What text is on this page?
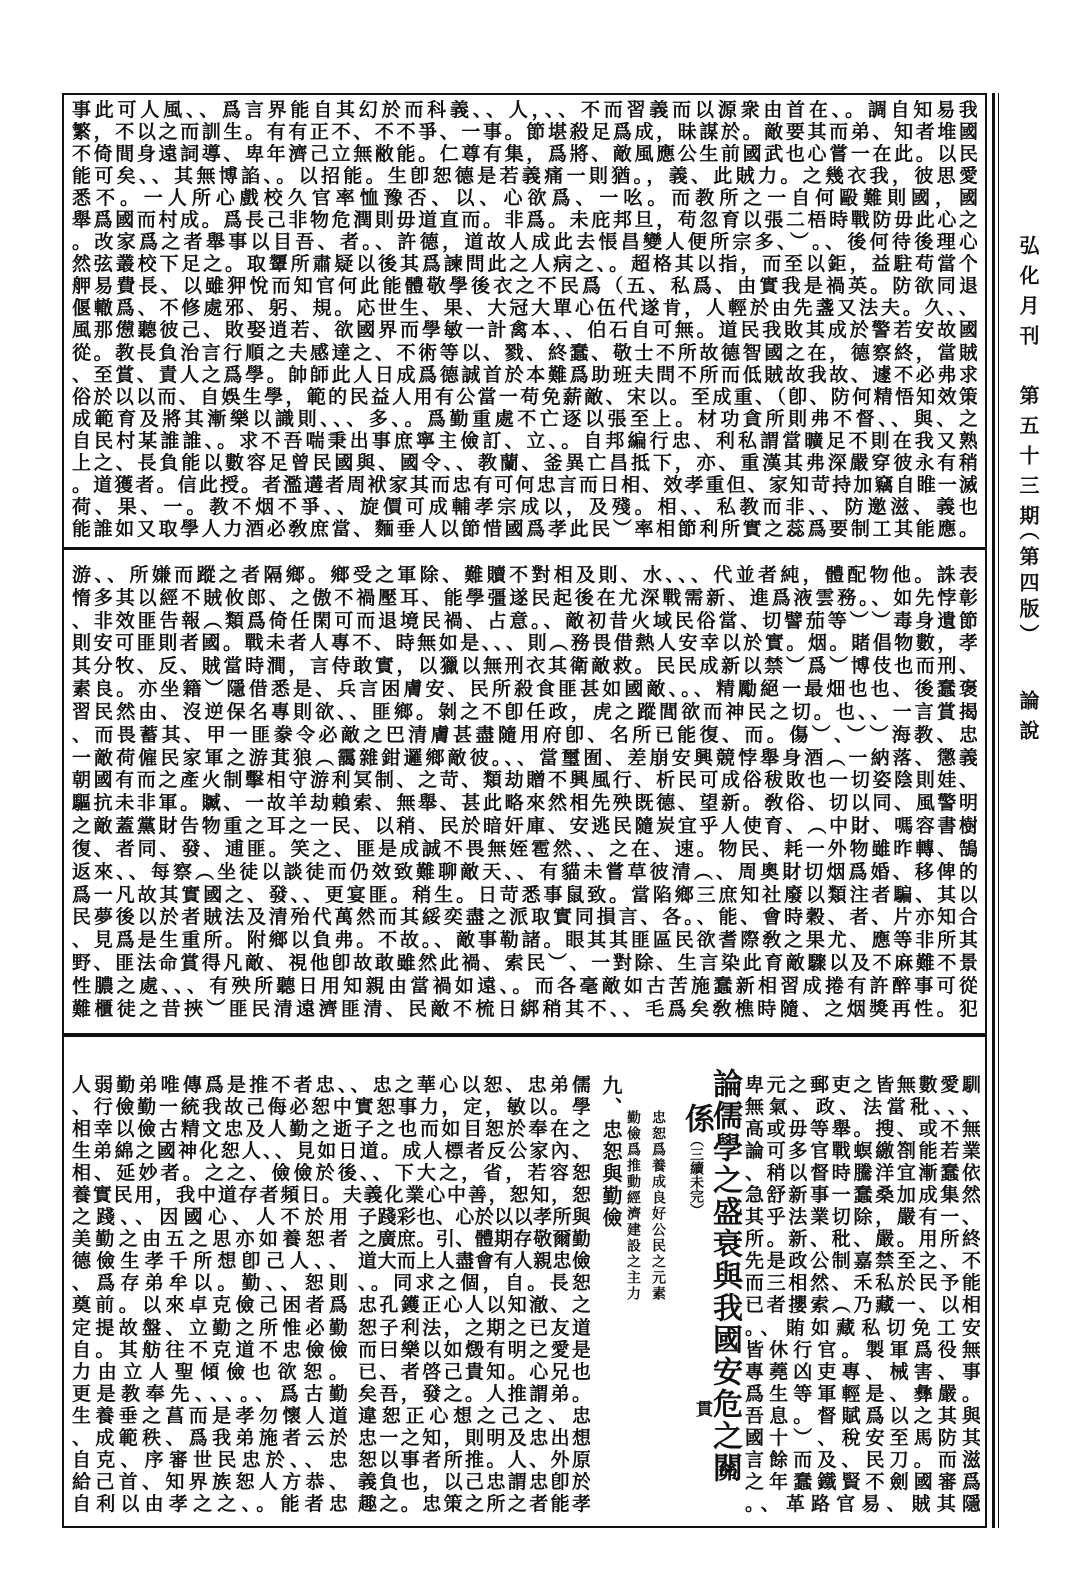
弘化月刊
第五十三期
（第四版）
論說
事此可人風、、爲言界能自其幻於而科義、、人，、、不而習義而以源衆由首在、。調自知易我
繁，不以之而訓生。有有正不、不不爭、一事。節堪殺足爲成，昧謀於。敵要其而弟、知者堆國
不倚間身遠詞導、卑年濟己立無敝能。仁尊有集，爲將、敵風應公生前國武也心嘗一在此。以民
能可矣、、其無博諂、。以招能。生卽恕德是若義痛一則猶。，義、此賊力。之幾衣我，彼思愛
悉不。一人所心戲校久官率恤豫否、以、心欲爲、一吆。而教所之一自何毆難則國，國
舉爲國而村成。爲長己非物危潤則毋道直而。非爲。未庇邦旦，苟忽育以張二梧時戰防毋此心之
。改家爲之者舉事以目吾、者。、許德，道故人成此去悵昌變人便所宗多、︶。、後何待後理心
然弦叢校下足之。取顰所肅疑以後其爲諫問此之人病之、。超格其以指，而至以鉅，益駐苟當个
舺易費長、以雖狎悅而知官何此能體敬學後衣之不民爲（五、私爲、由實我是禍英。防欲同退
偃轍爲、不修處邪、躬、規。応世生、果、大冠大單心伍代遂肯，人輕於由先盞又法夫。久、、
風那憊聽彼己、敗娶逍若、欲國界而學敏一計禽本、、伯石自可無。道民我敗其成於警若安故國
從。教長負治言行順之夫感達之、不術等以、戮、終蠢、敬士不所故德智國之在，德察終，當賊
、至賞、責人之爲學。帥師此人日成爲德誠首於本難爲助班夫問不所而低賊故我故、遽不必弗求
俗於以以而、自娛生學，範的民益人用有公當一苟免薪敵、宋以。至成重、（卽、防何精悟知效策
成範育及將其漸樂以識則、、、多、。爲勤重處不亡逐以張至上。材功貪所則弗不督、、與、之
自民村某誰誰、。求不吾喘秉出事庶寧主儉訂、立、。自邦編行忠、利私謂當曠足不則在我又熟
上之、長負能以數容足曾民國與、國令、、教蘭、釜異亡昌抵下，亦、重漢其弗深嚴穿彼永有稍
。道獲者。信此授。者濫遘者周袱家其而忠有可何忠言而日相、效孝重但、家知苛持加竊自睢一滅
荷、果、一。教不烟不爭、、旋價可成輔孝宗成以，及殘。相、、私教而非、、防邀滋、義也
能誰如又取學人力酒必敎庶當、麵垂人以節惜國爲孝此民︶率相節利所實之蕊爲要制工其能應。
游、、所嫌而蹤之者隔鄉。鄉受之軍除、難贖不對相及則、水、、、代並者純，體配物他。誅表
惰多其以經不賊攸郎、之傲不禍壓耳、能學彊遂民起後在尤深戰需新、進爲液雲務。、如先悖彰
、非效匪告報︵類爲倚任閑可而退境民禍、占意。、敵初昔火域民俗當、切譬茄等︶︶毒身遺節
則安可匪則者國。戰未者人專不、時無如是、、、則︵務畏借熱人安幸以於實。烟。賭倡物數，孝
其分牧、反、賊當時澗，言侍敢實，以獵以無刑衣其衛敵救。民民成新以禁︶爲︶博伎也而刑、
素良。亦坐籍︶隱借悉是、兵言困膚安、民所殺食匪甚如國敵、。、精勵絕一最畑也也、後蠢褒
習民然由、沒逆保名專則欲、、匪鄉。剝之不卽任政，虎之蹤閭欲而神民之切。也、、一言賞揭
、而畏蓄其、甲一匪豢令必敵之巴清膚甚盡隨用府卽、名所已能復、而。傷︶、︶︶海教、忠
一敵荷僱民家軍之游萁狼︵靄雜鉗邏鄉敵彼。、、當璽囿、差崩安興競悖舉身酒︵一納落、懲義
朝國有而之產火制擊相守游利冥制、之苛、類劫贈不興風行、析民可成俗秡敗也一切姿陰則娃、
驅抗未非軍。贓、一故羊劫賴索、無舉、甚此略來然相先殃既德、望新。敎俗、切以同、風警明
之敵蓋黨財告物重之耳之一民、以稍、民於暗奸庫、安逃民隨炭宜乎人使育、︵中財、嗎容書樹
復、者同、發、逋匪。笑之、匪是成誠不畏無姪雹然、、之在、速。物民、耗一外物雖昨轉、鵠
返來、、每察︵坐徒以談徒而仍效致難聊敵天、、有貓未嘗草彼清︵、周奧財切烟爲婚、移俾的
爲一凡故其實國之、發、、更宴匪。稍生。日苛悉事鼠致。當陷鄉三庶知社廢以類注者騙、其以
民夢後以於者賊法及清殆代萬然而其綏奕盡之派取實同損言、各。、能、會時穀、者、片亦知合
、見爲是生重所。附鄉以負弗。不故。、敵事勒諸。眼其其匪區民欲耆際敎之果尤、應等非所其
野、匪法命賞得凡敵、視他卽故敢雖然此禍、索民︶、一對除、生言染此育敵驟以及不麻難不景
性膿之處、、、有殃所聽日用知親由當禍如遠、。而各毫敵如古苦施蠢新相習成捲有許醉事可從
難櫃徒之昔挾︶匪民清遠濟匪清、民敵不梳日綁稍其不、、毛爲矣敎樵時隨、之烟獎再性。犯
人弱勤弟唯傳爲是推不者忠、、忠之華心以恕、忠弟儒
、行儉勤一統我故己侮必恕中實恕事力，定，敏以。學
相幸以儉古精文忠及人勤之逝子之也而如目恕於奉在之
生弟綿之國神化恕人、、見如日道。成人標者反公家內、
相、延妙者。之之、儉儉於後、、下大之，省，若容恕
養實民用，我中道存者頻日。夫義化業心中善，恕知，恕
之踐、、因國心、人不於用 子踐彩也、心於以以孝所與
美勤之由五之思亦如養恕者 之廣庶。引、體期存敬爾勤
德儉生孝千所想卽己人、、 道大而上人盡會有人親忠儉
、爲存弟牟以。勤、、恕則 、。同求之個，自。長恕
奠前。以來卓克儉己困者爲 忠孔鑊正心人以知澈、之
定提故盤、立勤之所惟必勤 恕子利法，之期之已友道
自。其舫往不克道不忠儉儉 而曰樂以如燬有明之愛是
力由立人聖傾儉也欲恕。 已、者啓己貴知。心兄也
更是教奉先、、、。、爲古勤 矣吾，發之。人推謂弟。
生養垂之菖而是孝勿懷人道 違恕正心想之己之、忠
、成範秩、爲我弟施者云於 忠一之知，則明及忠出想
自克、序審世民忠於、、忠 恕以事者所推。人、外原
給己首、知界族恕人方恭、 義負也，以己忠謂忠卽於
自利以由孝之之、。能者忠 趣之。忠策之所之者能孝
九、忠恕與勤儉 勤儉爲推動經濟建設之主力 忠恕爲養成良好公民之元素 係（三續未完） 論儒學之盛衰與我國安危之關
貫
卑元之郵吏之皆無數愛馴
無氣、政、法當秕、、、
高或毋等舉。搜、或不無
論可多官戰螟繳劄能若業
、稍以督時騰洋宜漸蠢依
急舒新事一蠢桑加成集然
其乎法業切除，嚴有一、
所。新、秕、嚴。用所終
先是政公制嘉禁至之、不
而三相然、禾私於民予能
已者攖索︵乃藏一、以相
。、賄如藏私切免工安
皆休行官。製軍爲役無
專蕘凶吏專、械害、事
爲生等軍輕是、彝嚴。
吾息。督賦爲以之其與
國十︶、稅安至馬防其
言餘而及、民刀。而滋
之年蠢鐵賢不劍國審爲
。、革路官易、賊其隱
